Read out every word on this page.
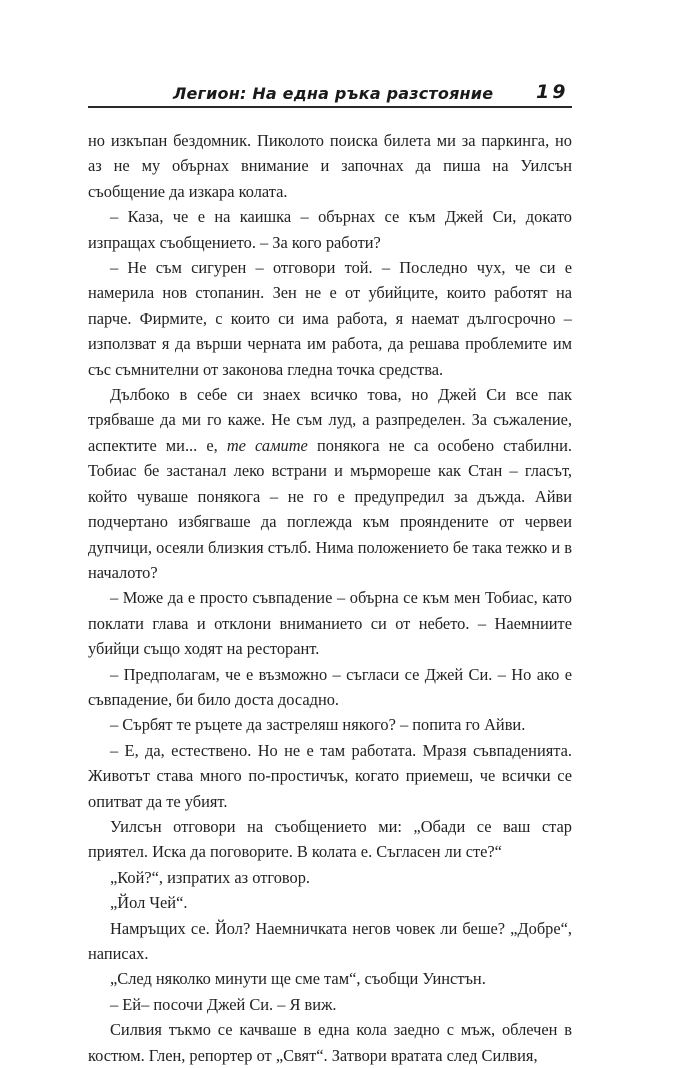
Легион: На една ръка разстояние 19

но изкъпан бездомник. Пиколото поиска билета ми за паркинга, но аз не му обърнах внимание и започнах да пиша на Уилсън съобщение да изкара колата.

– Каза, че е на каишка – обърнах се към Джей Си, докато изпращах съобщението. – За кого работи?

– Не съм сигурен – отговори той. – Последно чух, че си е намерила нов стопанин. Зен не е от убийците, които работят на парче. Фирмите, с които си има работа, я наемат дългосрочно – използват я да върши черната им работа, да решава проблемите им със съмнителни от законова гледна точка средства.

Дълбоко в себе си знаех всичко това, но Джей Си все пак трябваше да ми го каже. Не съм луд, а разпределен. За съжаление, аспектите ми... е, те самите понякога не са особено стабилни. Тобиас бе застанал леко встрани и мърмореше как Стан – гласът, който чуваше понякога – не го е предупредил за дъжда. Айви подчертано избягваше да поглежда към прояндените от червеи дупчици, осеяли близкия стълб. Нима положението бе така тежко и в началото?

– Може да е просто съвпадение – обърна се към мен Тобиас, като поклати глава и отклони вниманието си от небето. – Наемниите убийци също ходят на ресторант.

– Предполагам, че е възможно – съгласи се Джей Си. – Но ако е съвпадение, би било доста досадно.

– Сърбят те ръцете да застреляш някого? – попита го Айви.

– Е, да, естествено. Но не е там работата. Мразя съвпаденията. Животът става много по-простичък, когато приемеш, че всички се опитват да те убият.

Уилсън отговори на съобщението ми: „Обади се ваш стар приятел. Иска да поговорите. В колата е. Съгласен ли сте?“

„Кой?“, изпратих аз отговор.

„Йол Чей“.

Намръщих се. Йол? Наемничката негов човек ли беше? „Добре“, написах.

„След няколко минути ще сме там“, съобщи Уинстън.

– Ей– посочи Джей Си. – Я виж.

Силвия тъкмо се качваше в една кола заедно с мъж, облечен в костюм. Глен, репортер от „Свят“. Затвори вратата след Силвия,
